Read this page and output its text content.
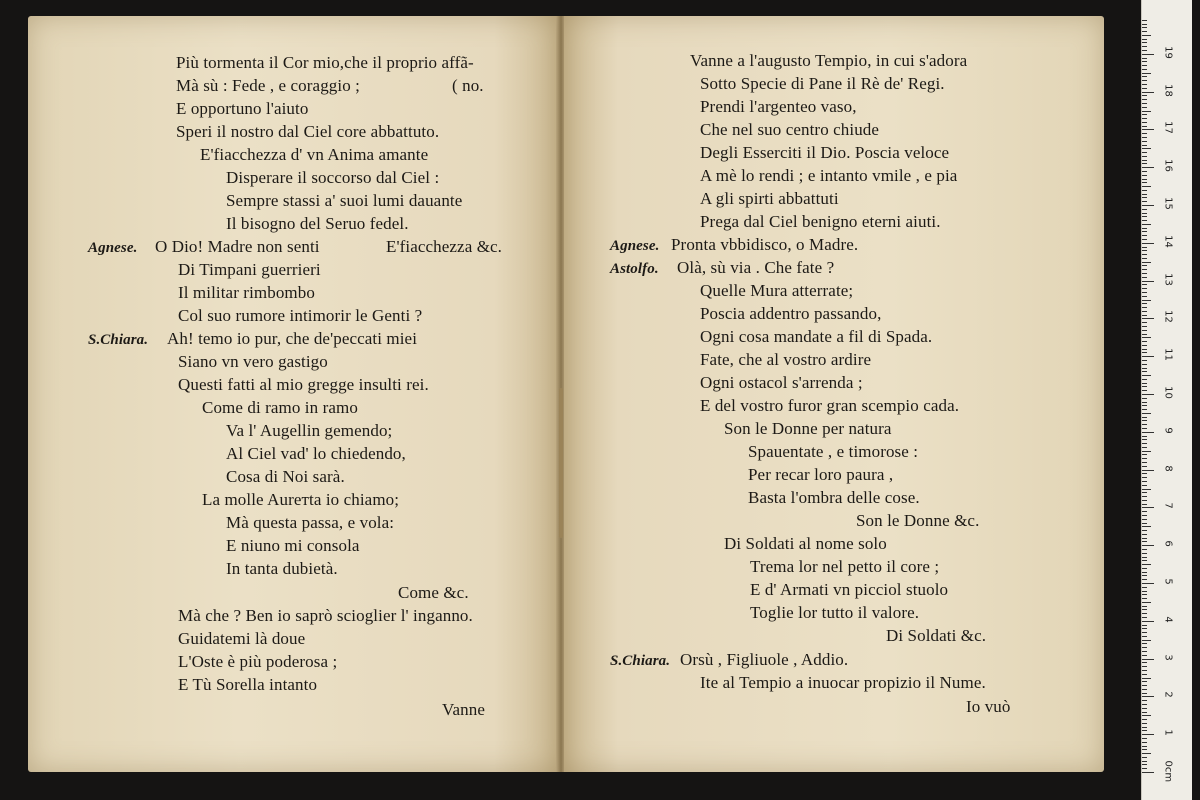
Più tormenta il Cor mio,che il proprio affã-
Mà sù : Fede , e coraggio ;	( no.
E opportuno l'aiuto
Speri il nostro dal Ciel core abbattuto.
E'fiacchezza d' vn Anima amante
Disperare il soccorso dal Ciel :
Sempre stassi a' suoi lumi dauante
Il bisogno del Seruo fedel.
Agnese. O Dio! Madre non senti	E'fiacchezza &c.
Di Timpani guerrieri
Il militar rimbombo
Col suo rumore intimorir le Genti ?
S.Chiara. Ah! temo io pur, che de'peccati miei
Siano vn vero gastigo
Questi fatti al mio gregge insulti rei.
Come di ramo in ramo
Va l' Augellin gemendo;
Al Ciel vad' lo chiedendo,
Cosa di Noi sarà.
La molle Aureтta io chiamo;
Mà questa passa, e vola:
E niuno mi consola
In tanta dubietà.
Come &c.
Mà che ? Ben io saprò sciogliеr l' inganno.
Guidatemi là doue
L'Oste è più poderosa ;
E Tù Sorella intanto
Vanne
Vanne a l'augusto Tempio, in cui s'adora
Sotto Specie di Pane il Rè de' Regi.
Prendi l'argenteo vaso,
Che nel suo centro chiude
Degli Esserciti il Dio. Poscia veloce
A mè lo rendi ; e intanto vmile , e pia
A gli spirti abbattuti
Prega dal Ciel benigno eterni aiuti.
Agnese. Pronta vbbidisco, o Madre.
Astolfo. Olà, sù via . Che fate ?
Quelle Mura atterrate;
Poscia addentro passando,
Ogni cosa mandate a fil di Spada.
Fate, che al vostro ardire
Ogni ostacol s'arrenda ;
E del vostro furor gran scempio cada.
Son le Donne per natura
Spauentate , e timorose :
Per recar loro paura ,
Basta l'ombra delle cose.
Son le Donne &c.
Di Soldati al nome solo
Trema lor nel petto il core ;
E d' Armati vn picciol stuolo
Toglie lor tutto il valore.
Di Soldati &c.
S.Chiara. Orsù , Figliuole , Addio.
Ite al Tempio a inuocar propizio il Nume.
Io vuò
0cm
1
2
3
4
5
6
7
8
9
10
11
12
13
14
15
16
17
18
19
